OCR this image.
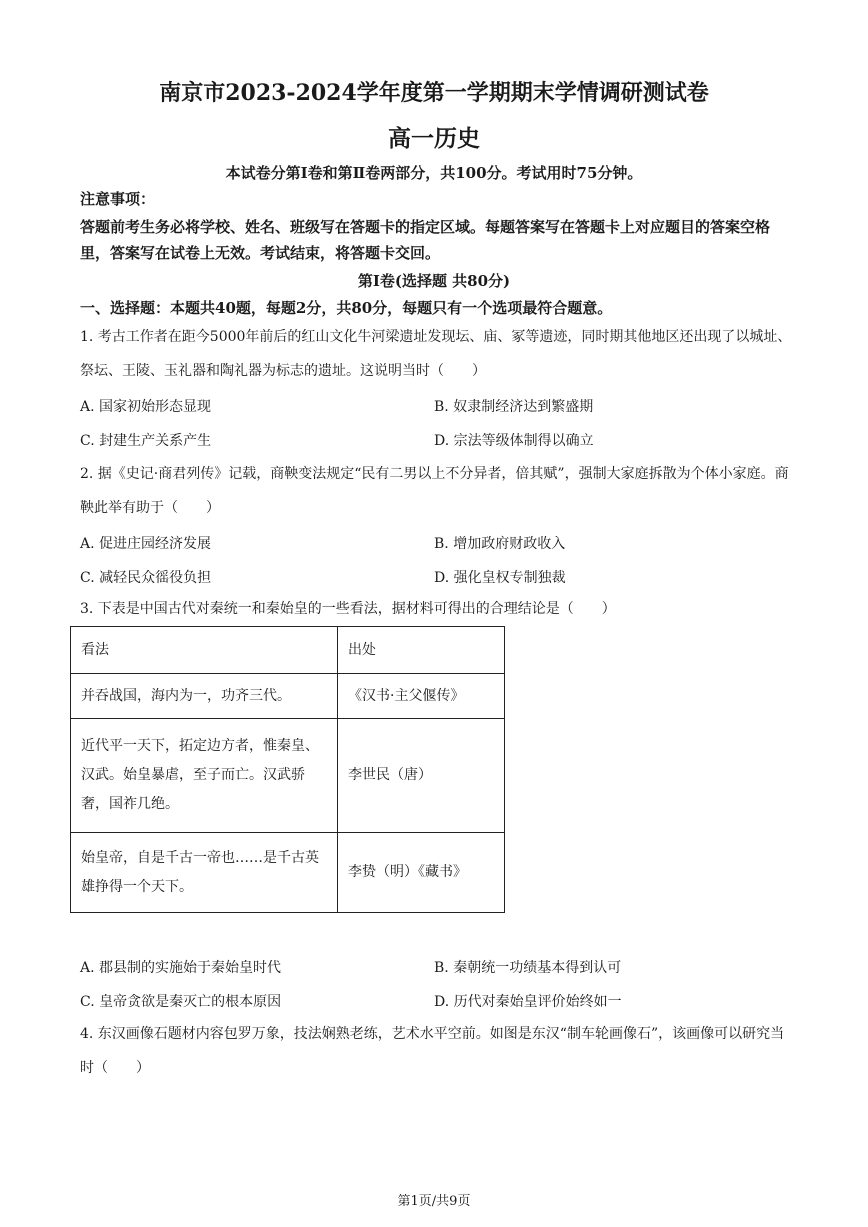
南京市2023-2024学年度第一学期期末学情调研测试卷
高一历史
本试卷分第Ⅰ卷和第Ⅱ卷两部分，共100分。考试用时75分钟。
注意事项：
答题前考生务必将学校、姓名、班级写在答题卡的指定区域。每题答案写在答题卡上对应题目的答案空格里，答案写在试卷上无效。考试结束，将答题卡交回。
第Ⅰ卷(选择题 共80分)
一、选择题：本题共40题，每题2分，共80分，每题只有一个选项最符合题意。
1. 考古工作者在距今5000年前后的红山文化牛河梁遗址发现坛、庙、冢等遗迹，同时期其他地区还出现了以城址、祭坛、王陵、玉礼器和陶礼器为标志的遗址。这说明当时（　　）
A. 国家初始形态显现	B. 奴隶制经济达到繁盛期
C. 封建生产关系产生	D. 宗法等级体制得以确立
2. 据《史记·商君列传》记载，商鞅变法规定“民有二男以上不分异者，倍其赋”，强制大家庭拆散为个体小家庭。商鞅此举有助于（　　）
A. 促进庄园经济发展	B. 增加政府财政收入
C. 减轻民众徭役负担	D. 强化皇权专制独裁
3. 下表是中国古代对秦统一和秦始皇的一些看法，据材料可得出的合理结论是（　　）
看法	出处
并吞战国，海内为一，功齐三代。	《汉书·主父偃传》
近代平一天下，拓定边方者，惟秦皇、汉武。始皇暴虐，至子而亡。汉武骄奢，国祚几绝。	李世民（唐）
始皇帝，自是千古一帝也……是千古英雄挣得一个天下。	李贽（明）《藏书》
A. 郡县制的实施始于秦始皇时代	B. 秦朝统一功绩基本得到认可
C. 皇帝贪欲是秦灭亡的根本原因	D. 历代对秦始皇评价始终如一
4. 东汉画像石题材内容包罗万象，技法娴熟老练，艺术水平空前。如图是东汉“制车轮画像石”，该画像可以研究当时（　　）
第1页/共9页
